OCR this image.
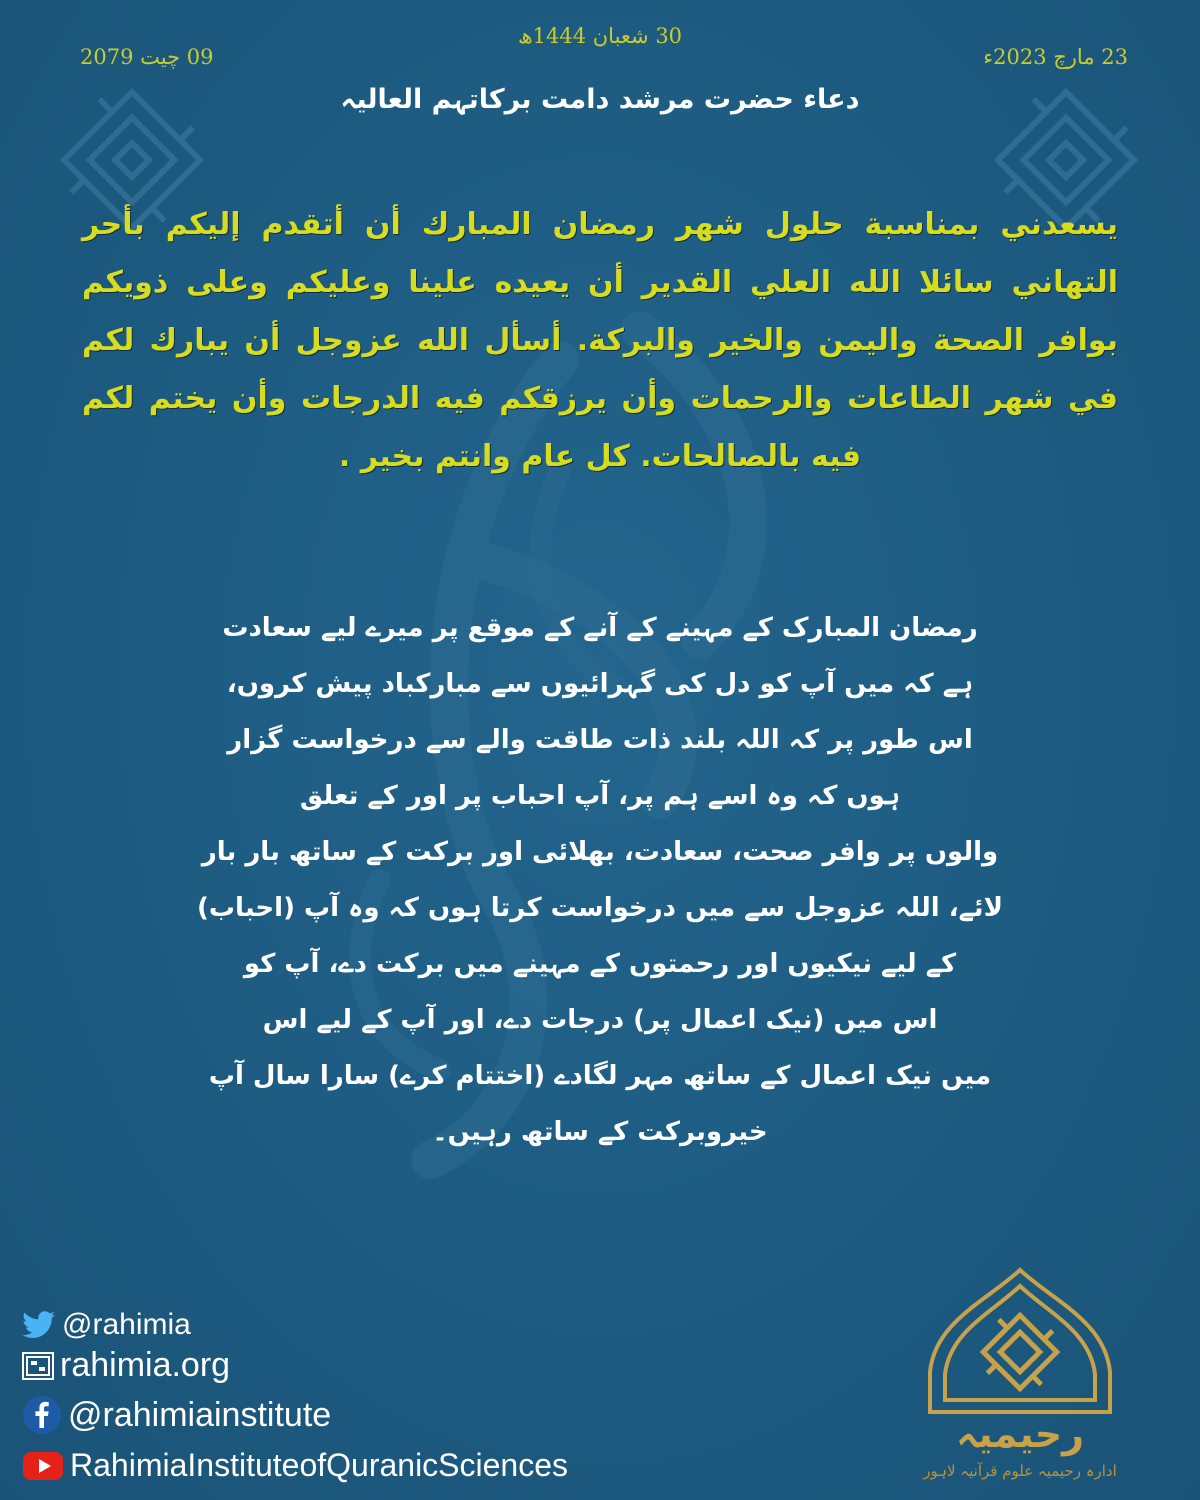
23 مارچ 2023ء
30 شعبان 1444ھ
09 چیت 2079
دعاء حضرت مرشد دامت برکاتہم العالیہ
يسعدني بمناسبة حلول شهر رمضان المبارك أن أتقدم إليكم بأحر التهاني سائلا الله العلي القدير أن يعيده علينا وعليكم وعلى ذويكم بوافر الصحة واليمن والخير والبركة. أسأل الله عزوجل أن يبارك لكم في شهر الطاعات والرحمات وأن يرزقكم فيه الدرجات وأن يختم لكم فيه بالصالحات. كل عام وانتم بخير .
رمضان المبارک کے مہینے کے آنے کے موقع پر میرے لیے سعادت
ہے کہ میں آپ کو دل کی گہرائیوں سے مبارکباد پیش کروں،
اس طور پر کہ اللہ بلند ذات طاقت والے سے درخواست گزار
ہوں کہ وہ اسے ہم پر، آپ احباب پر اور کے تعلق
والوں پر وافر صحت، سعادت، بھلائی اور برکت کے ساتھ بار بار
لائے، اللہ عزوجل سے میں درخواست کرتا ہوں کہ وہ آپ (احباب)
کے لیے نیکیوں اور رحمتوں کے مہینے میں برکت دے، آپ کو
اس میں (نیک اعمال پر) درجات دے، اور آپ کے لیے اس
میں نیک اعمال کے ساتھ مہر لگادے (اختتام کرے) سارا سال آپ
خیروبرکت کے ساتھ رہیں۔
@rahimia
rahimia.org
@rahimiainstitute
RahimiaInstituteofQuranicSciences
رحیمیہ
ادارہ رحیمیہ علوم قرآنیہ لاہور
